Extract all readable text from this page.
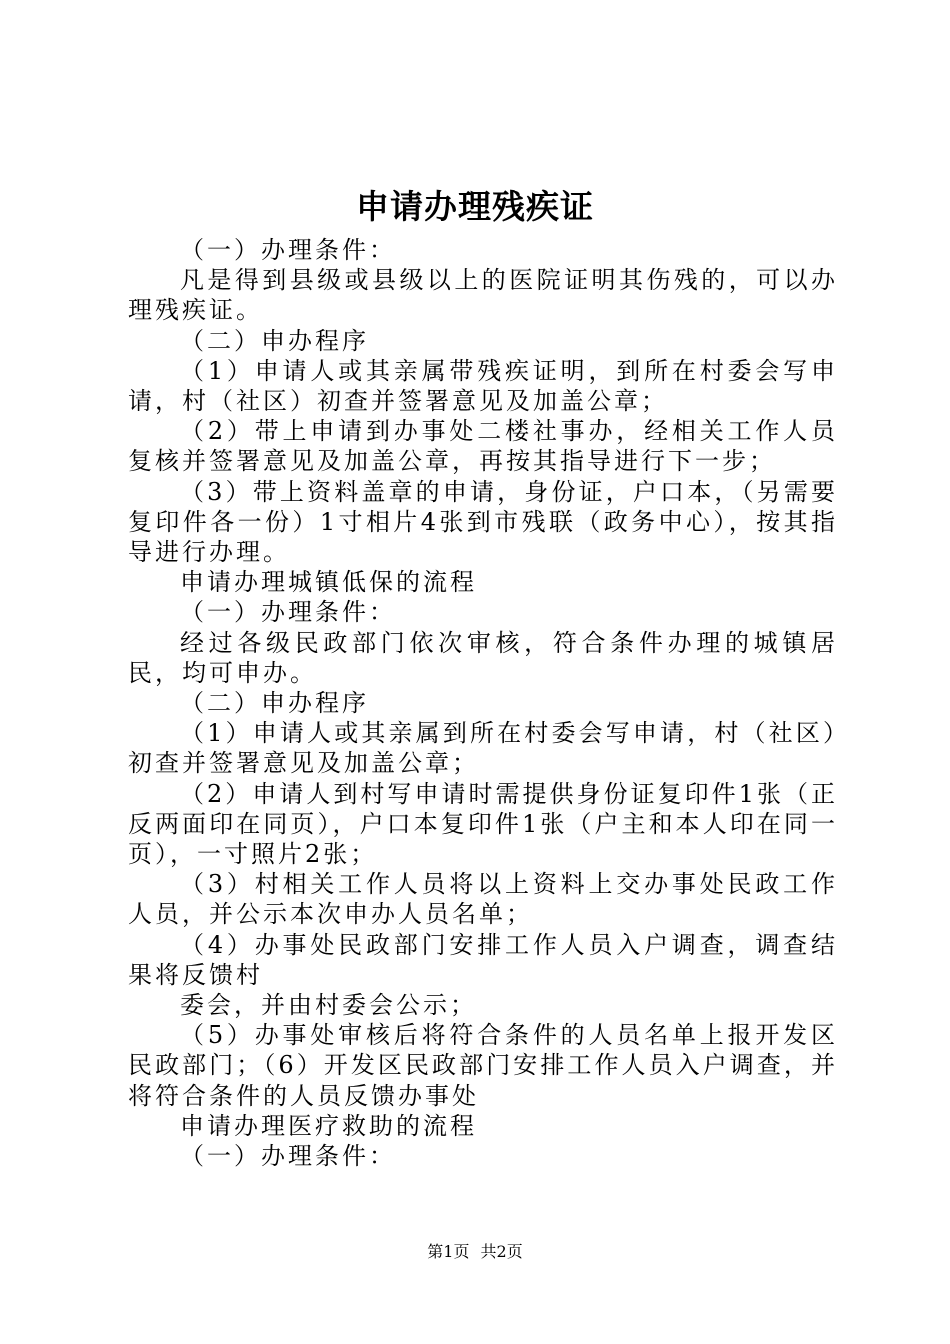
申请办理残疾证

（一）办理条件：

凡是得到县级或县级以上的医院证明其伤残的，可以办理残疾证。

（二）申办程序

（1）申请人或其亲属带残疾证明，到所在村委会写申请，村（社区）初查并签署意见及加盖公章；

（2）带上申请到办事处二楼社事办，经相关工作人员复核并签署意见及加盖公章，再按其指导进行下一步；

（3）带上资料盖章的申请，身份证，户口本，（另需要复印件各一份）1寸相片4张到市残联（政务中心），按其指导进行办理。

申请办理城镇低保的流程

（一）办理条件：

经过各级民政部门依次审核，符合条件办理的城镇居民，均可申办。

（二）申办程序

（1）申请人或其亲属到所在村委会写申请，村（社区）初查并签署意见及加盖公章；

（2）申请人到村写申请时需提供身份证复印件1张（正反两面印在同页），户口本复印件1张（户主和本人印在同一页），一寸照片2张；

（3）村相关工作人员将以上资料上交办事处民政工作人员，并公示本次申办人员名单；

（4）办事处民政部门安排工作人员入户调查，调查结果将反馈村

委会，并由村委会公示；

（5）办事处审核后将符合条件的人员名单上报开发区民政部门；（6）开发区民政部门安排工作人员入户调查，并将符合条件的人员反馈办事处

申请办理医疗救助的流程

（一）办理条件：

第1页 共2页
